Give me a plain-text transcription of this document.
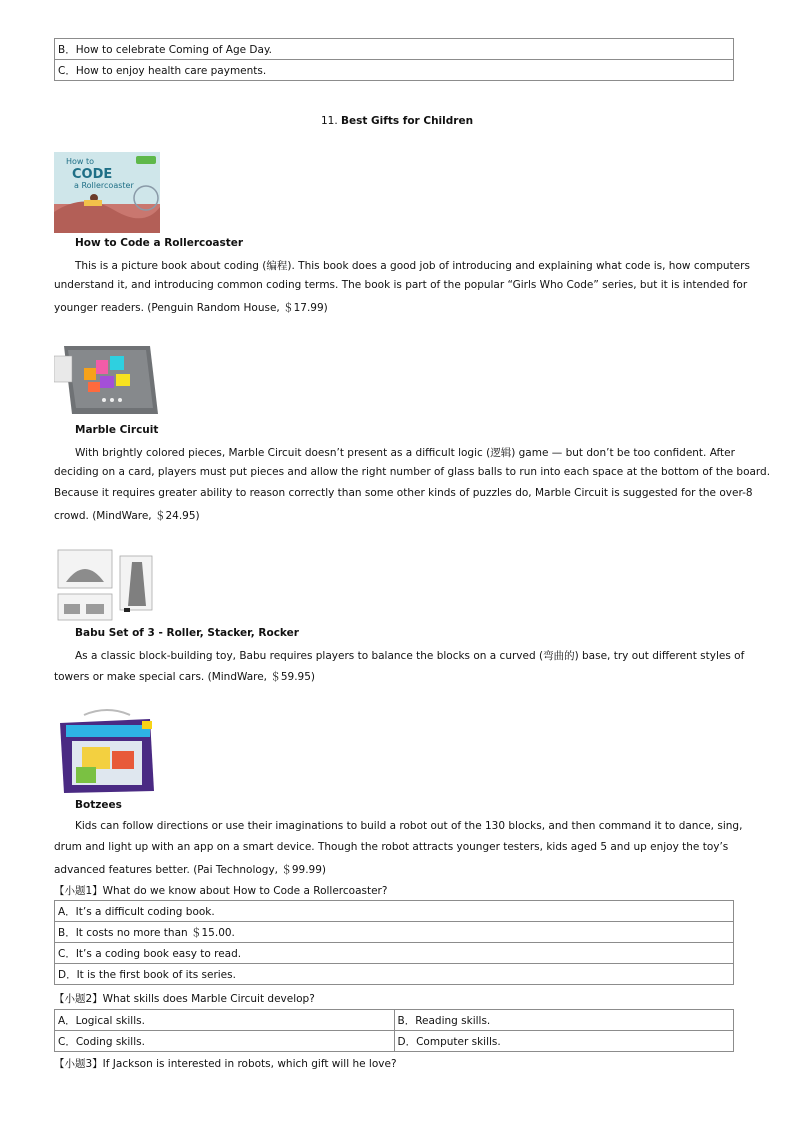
B．How to celebrate Coming of Age Day.
C．How to enjoy health care payments.
11. Best Gifts for Children
How to
CODE
a Rollercoaster
How to Code a Rollercoaster
This is a picture book about coding (编程). This book does a good job of introducing and explaining what code is, how computers
understand it, and introducing common coding terms. The book is part of the popular “Girls Who Code” series, but it is intended for
younger readers. (Penguin Random House, ＄17.99)
Marble Circuit
With brightly colored pieces, Marble Circuit doesn’t present as a difficult logic (逻辑) game — but don’t be too confident. After
deciding on a card, players must put pieces and allow the right number of glass balls to run into each space at the bottom of the board.
Because it requires greater ability to reason correctly than some other kinds of puzzles do, Marble Circuit is suggested for the over-8
crowd. (MindWare, ＄24.95)
Babu Set of 3 - Roller, Stacker, Rocker
As a classic block-building toy, Babu requires players to balance the blocks on a curved (弯曲的) base, try out different styles of
towers or make special cars. (MindWare, ＄59.95)
Botzees
Kids can follow directions or use their imaginations to build a robot out of the 130 blocks, and then command it to dance, sing,
drum and light up with an app on a smart device. Though the robot attracts younger testers, kids aged 5 and up enjoy the toy’s
advanced features better. (Pai Technology, ＄99.99)
【小题1】What do we know about How to Code a Rollercoaster?
A．It’s a difficult coding book.
B．It costs no more than ＄15.00.
C．It’s a coding book easy to read.
D．It is the first book of its series.
【小题2】What skills does Marble Circuit develop?
A．Logical skills.	B．Reading skills.
C．Coding skills.	D．Computer skills.
【小题3】If Jackson is interested in robots, which gift will he love?
